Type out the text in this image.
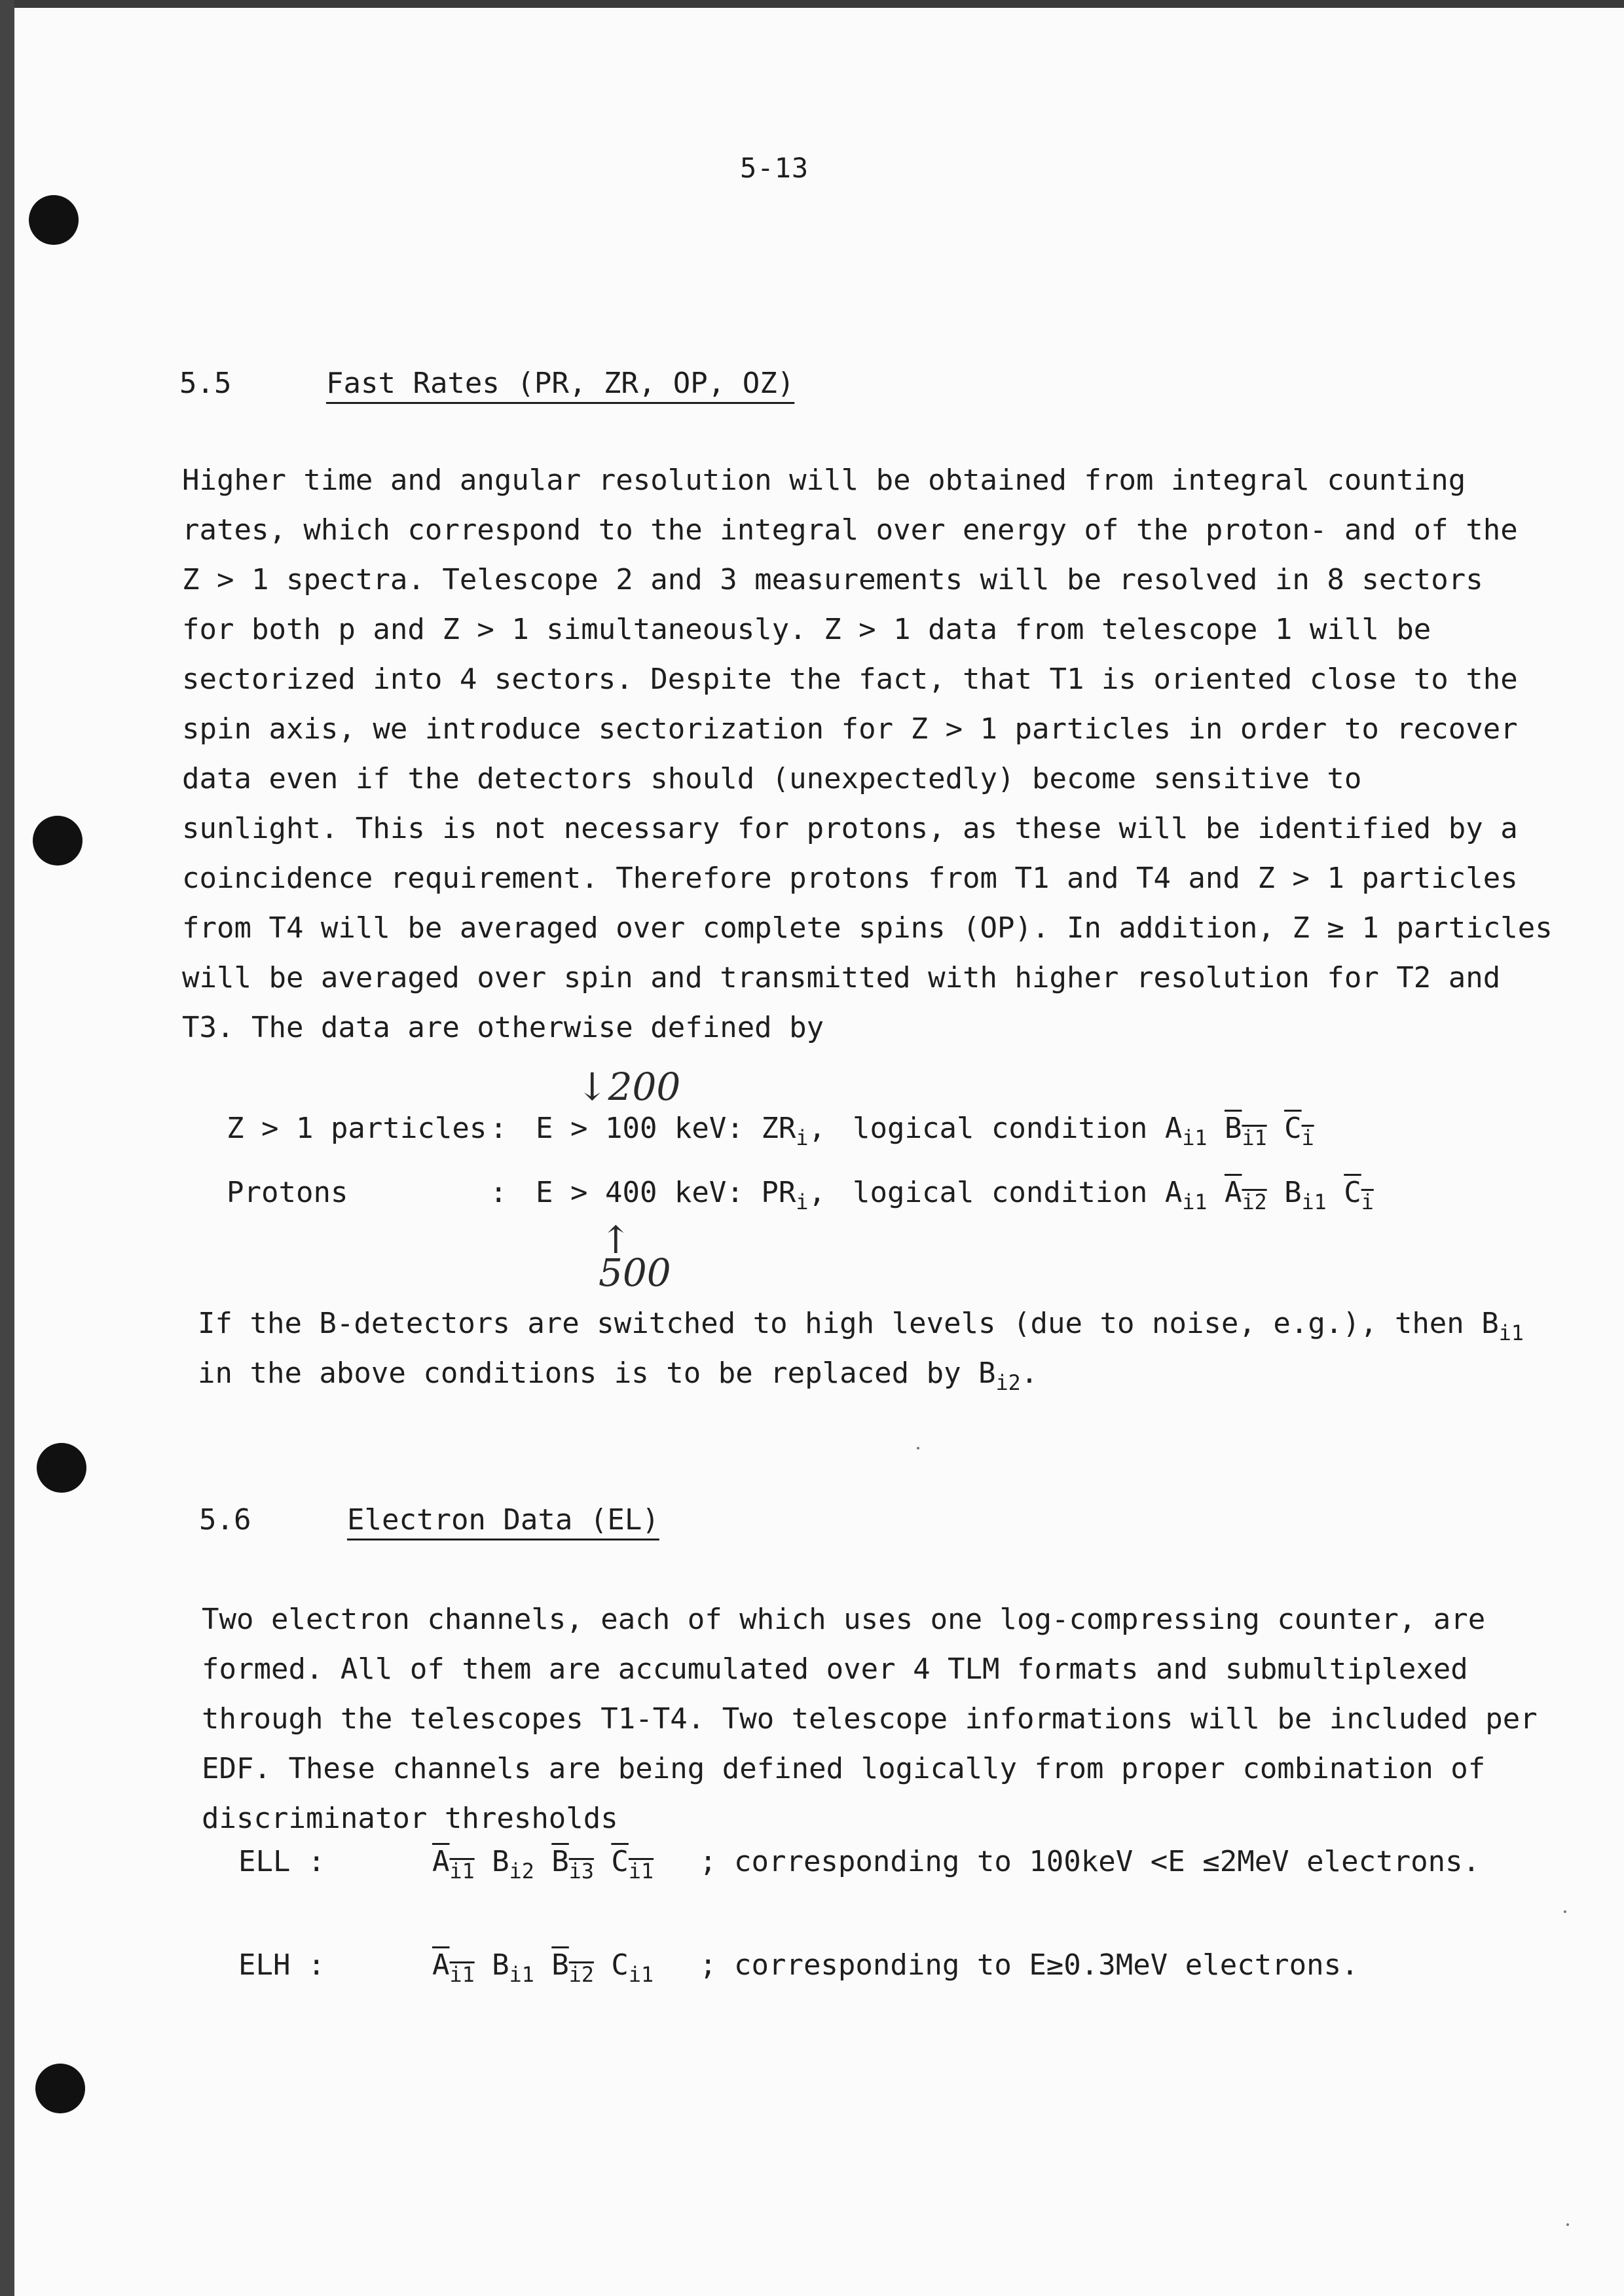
5-13
5.5	Fast Rates (PR, ZR, OP, OZ)
Higher time and angular resolution will be obtained from integral counting
rates, which correspond to the integral over energy of the proton- and of the
Z > 1 spectra. Telescope 2 and 3 measurements will be resolved in 8 sectors
for both p and Z > 1 simultaneously. Z > 1 data from telescope 1 will be
sectorized into 4 sectors. Despite the fact, that T1 is oriented close to the
spin axis, we introduce sectorization for Z > 1 particles in order to recover
data even if the detectors should (unexpectedly) become sensitive to
sunlight. This is not necessary for protons, as these will be identified by a
coincidence requirement. Therefore protons from T1 and T4 and Z > 1 particles
from T4 will be averaged over complete spins (OP). In addition, Z ≥ 1 particles
will be averaged over spin and transmitted with higher resolution for T2 and
T3. The data are otherwise defined by
↓200
Z > 1 particles : E > 100 keV: $ZR_i$, logical condition $A_{i1}$ $B_{i1}$ $C_i$
Protons	: E > 400 keV: $PR_i$, logical condition $A_{i1}$ $A_{i2}$ $B_{i1}$ $C_i$
↑
500
If the B-detectors are switched to high levels (due to noise, e.g.), then $B_{i1}$
in the above conditions is to be replaced by $B_{i2}$.
5.6	Electron Data (EL)
Two electron channels, each of which uses one log-compressing counter, are
formed. All of them are accumulated over 4 TLM formats and submultiplexed
through the telescopes T1-T4. Two telescope informations will be included per
EDF. These channels are being defined logically from proper combination of
discriminator thresholds
ELL :	$A_{i1}$ $B_{i2}$ $B_{i3}$ $C_{i1}$ ; corresponding to 100keV <E ≤2MeV electrons.
ELH :	$A_{i1}$ $B_{i1}$ $B_{i2}$ $C_{i1}$ ; corresponding to E≥0.3MeV electrons.
